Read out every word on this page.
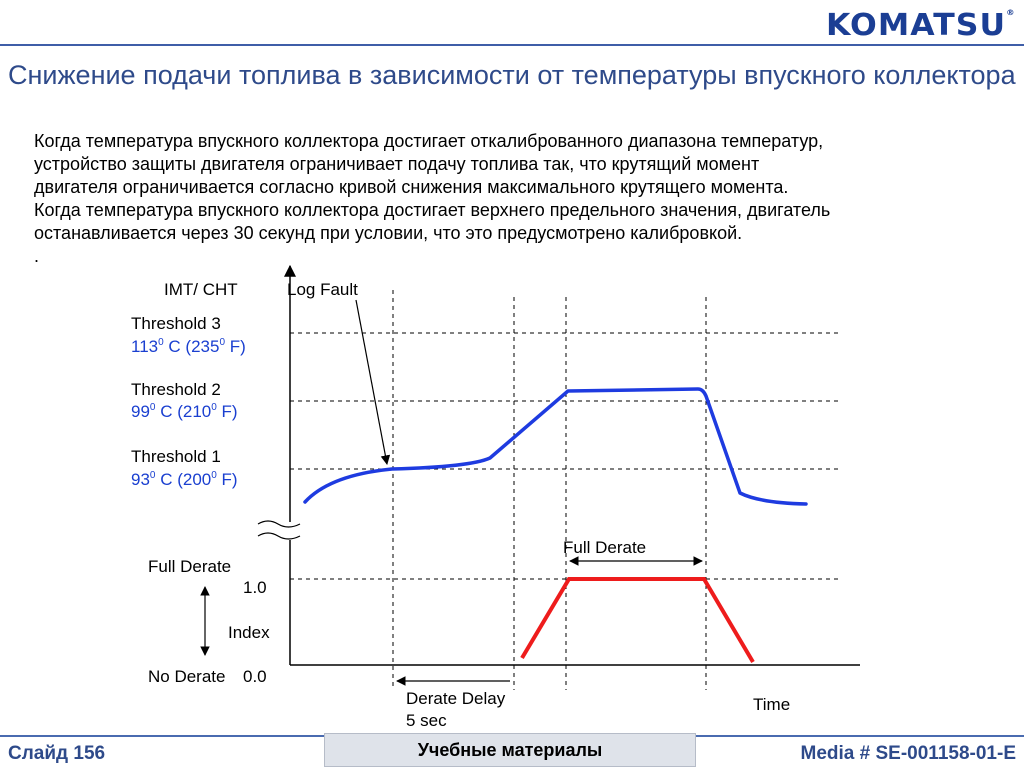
KOMATSU®
Снижение подачи топлива в зависимости от температуры впускного коллектора

Когда температура впускного коллектора достигает откалиброванного диапазона температур,

устройство защиты двигателя ограничивает подачу топлива так, что крутящий момент

двигателя ограничивается согласно кривой снижения максимального крутящего момента.

Когда температура впускного коллектора достигает верхнего предельного значения, двигатель

останавливается через 30 секунд при условии, что это предусмотрено калибровкой.

.

IMT/ CHT	Log Fault
Threshold 3
$113^0$ C ($235^0$ F)
Threshold 2
$99^0$ C ($210^0$ F)
Threshold 1
$93^0$ C ($200^0$ F)
Full Derate
1.0
Index
No Derate 0.0
Full Derate
Derate Delay
5 sec
Time
Слайд 156	Учебные материалы	Media # SE-001158-01-E
